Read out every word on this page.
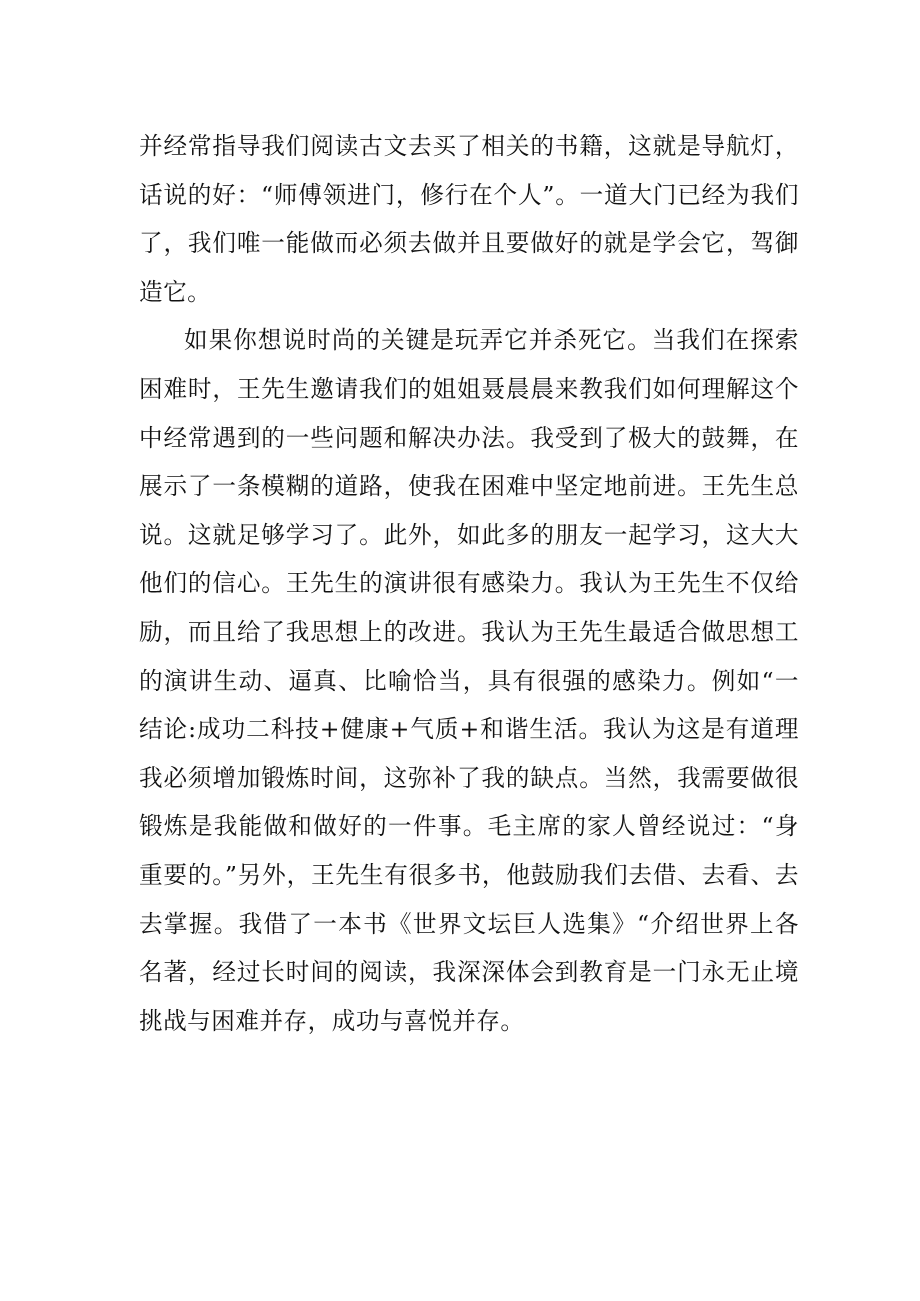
并经常指导我们阅读古文去买了相关的书籍，这就是导航灯，
话说的好：“师傅领进门，修行在个人”。一道大门已经为我们
了，我们唯一能做而必须去做并且要做好的就是学会它，驾御
造它。
如果你想说时尚的关键是玩弄它并杀死它。当我们在探索
困难时，王先生邀请我们的姐姐聂晨晨来教我们如何理解这个
中经常遇到的一些问题和解决办法。我受到了极大的鼓舞，在
展示了一条模糊的道路，使我在困难中坚定地前进。王先生总
说。这就足够学习了。此外，如此多的朋友一起学习，这大大
他们的信心。王先生的演讲很有感染力。我认为王先生不仅给
励，而且给了我思想上的改进。我认为王先生最适合做思想工
的演讲生动、逼真、比喻恰当，具有很强的感染力。例如“一
结论:成功二科技+健康+气质+和谐生活。我认为这是有道理
我必须增加锻炼时间，这弥补了我的缺点。当然，我需要做很
锻炼是我能做和做好的一件事。毛主席的家人曾经说过：“身
重要的。”另外，王先生有很多书，他鼓励我们去借、去看、去
去掌握。我借了一本书《世界文坛巨人选集》“介绍世界上各
名著，经过长时间的阅读，我深深体会到教育是一门永无止境
挑战与困难并存，成功与喜悦并存。
